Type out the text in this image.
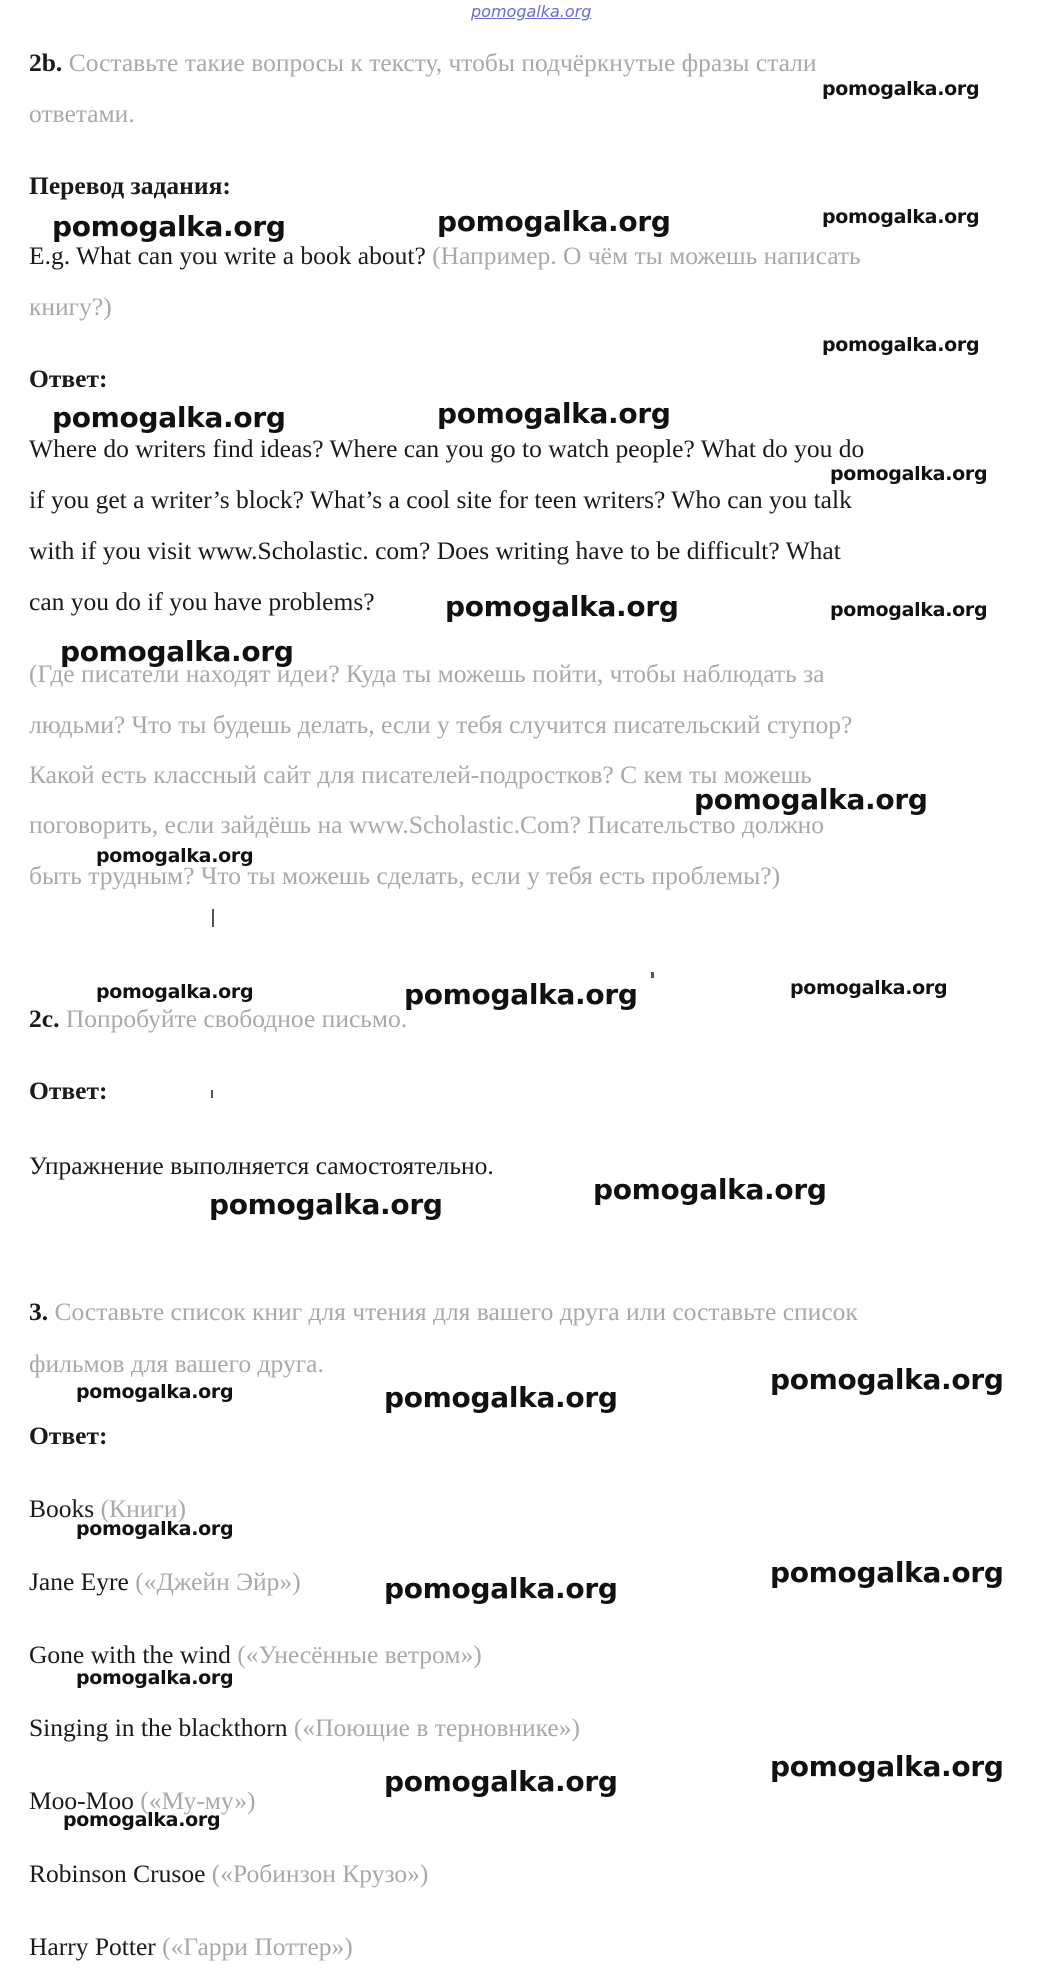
pomogalka.org
2b. Составьте такие вопросы к тексту, чтобы подчёркнутые фразы стали
ответами.
Перевод задания:
E.g. What can you write a book about? (Например. О чём ты можешь написать
книгу?)
Ответ:
Where do writers find ideas? Where can you go to watch people? What do you do
if you get a writer’s block? What’s a cool site for teen writers? Who can you talk
with if you visit www.Scholastic. com? Does writing have to be difficult? What
can you do if you have problems?
(Где писатели находят идеи? Куда ты можешь пойти, чтобы наблюдать за
людьми? Что ты будешь делать, если у тебя случится писательский ступор?
Какой есть классный сайт для писателей-подростков? С кем ты можешь
поговорить, если зайдёшь на www.Scholastic.Com? Писательство должно
быть трудным? Что ты можешь сделать, если у тебя есть проблемы?)
2c. Попробуйте свободное письмо.
Ответ:
Упражнение выполняется самостоятельно.
3. Составьте список книг для чтения для вашего друга или составьте список
фильмов для вашего друга.
Ответ:
Books (Книги)
Jane Eyre («Джейн Эйр»)
Gone with the wind («Унесённые ветром»)
Singing in the blackthorn («Поющие в терновнике»)
Moo-Moo («Му-му»)
Robinson Crusoe («Робинзон Крузо»)
Harry Potter («Гарри Поттер»)
pomogalka.org
pomogalka.org	pomogalka.org	pomogalka.org
pomogalka.org
pomogalka.org	pomogalka.org
pomogalka.org
pomogalka.org	pomogalka.org
pomogalka.org
pomogalka.org
pomogalka.org
pomogalka.org	pomogalka.org	pomogalka.org
pomogalka.org
pomogalka.org
pomogalka.org
pomogalka.org	pomogalka.org
pomogalka.org
pomogalka.org
pomogalka.org
pomogalka.org
pomogalka.org
pomogalka.org
pomogalka.org
